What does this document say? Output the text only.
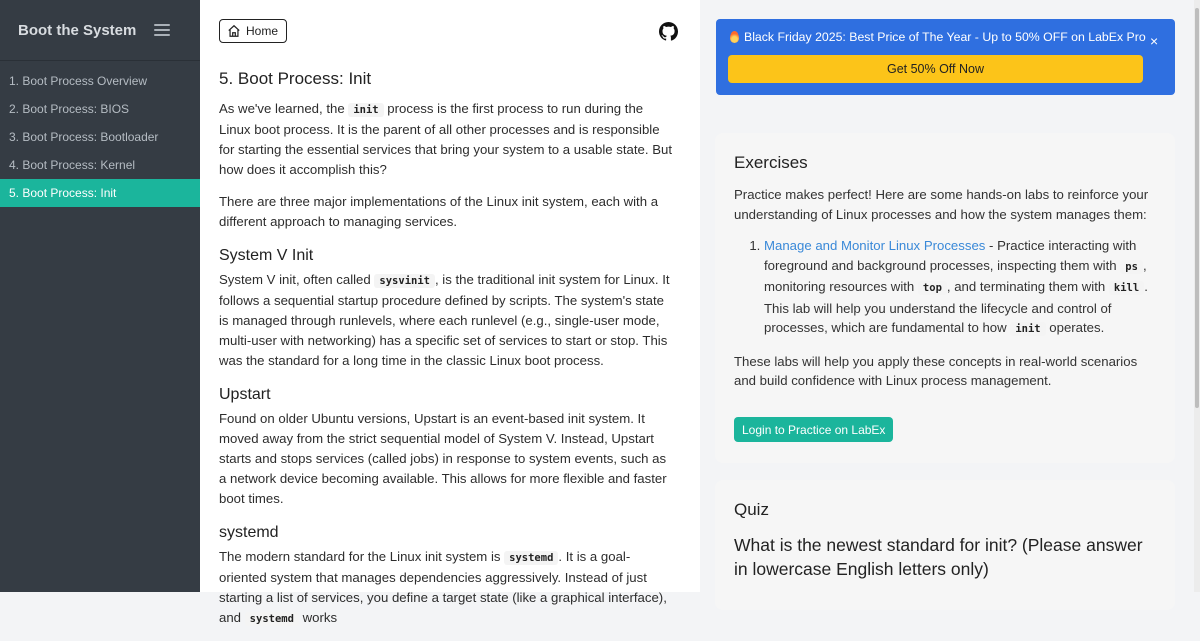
Boot the System
1. Boot Process Overview
2. Boot Process: BIOS
3. Boot Process: Bootloader
4. Boot Process: Kernel
5. Boot Process: Init
Home
5. Boot Process: Init

As we've learned, the init process is the first process to run during the Linux boot process. It is the parent of all other processes and is responsible for starting the essential services that bring your system to a usable state. But how does it accomplish this?

There are three major implementations of the Linux init system, each with a different approach to managing services.

System V Init

System V init, often called sysvinit , is the traditional init system for Linux. It follows a sequential startup procedure defined by scripts. The system's state is managed through runlevels, where each runlevel (e.g., single-user mode, multi-user with networking) has a specific set of services to start or stop. This was the standard for a long time in the classic Linux boot process.

Upstart

Found on older Ubuntu versions, Upstart is an event-based init system. It moved away from the strict sequential model of System V. Instead, Upstart starts and stops services (called jobs) in response to system events, such as a network device becoming available. This allows for more flexible and faster boot times.

systemd

The modern standard for the Linux init system is systemd . It is a goal-oriented system that manages dependencies aggressively. Instead of just starting a list of services, you define a target state (like a graphical interface), and systemd works

Black Friday 2025: Best Price of The Year - Up to 50% OFF on LabEx Pro ×
Get 50% Off Now
Exercises

Practice makes perfect! Here are some hands-on labs to reinforce your understanding of Linux processes and how the system manages them:

1. Manage and Monitor Linux Processes - Practice interacting with foreground and background processes, inspecting them with ps , monitoring resources with top , and terminating them with kill . This lab will help you understand the lifecycle and control of processes, which are fundamental to how init operates.

These labs will help you apply these concepts in real-world scenarios and build confidence with Linux process management.

Login to Practice on LabEx
Quiz
What is the newest standard for init? (Please answer in lowercase English letters only)
